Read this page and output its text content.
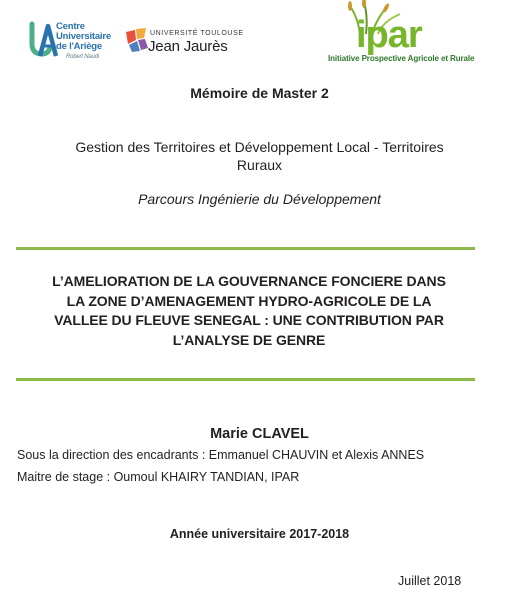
Centre
Universitaire
de l'Ariège
Robert Naudi
UNIVERSITÉ TOULOUSE
Jean Jaurès	ipar
Initiative Prospective Agricole et Rurale
Mémoire de Master 2
Gestion des Territoires et Développement Local - Territoires
Ruraux
Parcours Ingénierie du Développement
L’AMELIORATION DE LA GOUVERNANCE FONCIERE DANS
LA ZONE D’AMENAGEMENT HYDRO-AGRICOLE DE LA
VALLEE DU FLEUVE SENEGAL : UNE CONTRIBUTION PAR
L’ANALYSE DE GENRE
Marie CLAVEL
Sous la direction des encadrants : Emmanuel CHAUVIN et Alexis ANNES
Maitre de stage : Oumoul KHAIRY TANDIAN, IPAR
Année universitaire 2017-2018
Juillet 2018
